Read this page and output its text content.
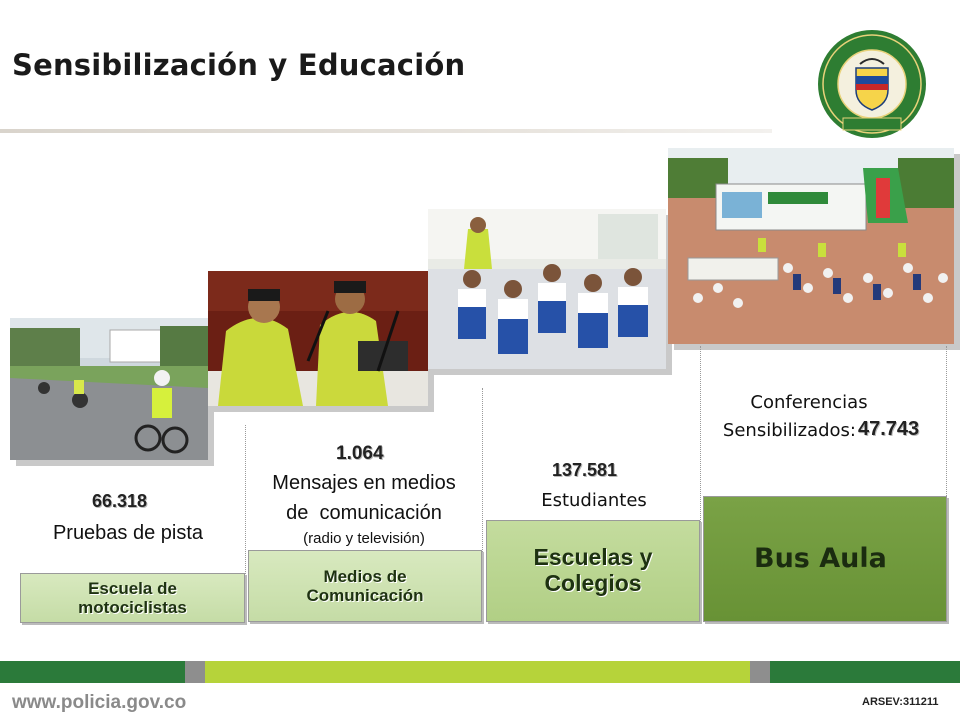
Sensibilización y Educación
66.318
Pruebas de pista
Escuela de motociclistas
1.064
Mensajes en medios
de  comunicación
(radio y televisión)
Medios de Comunicación
137.581
Estudiantes
Escuelas y Colegios
Conferencias
Sensibilizados: 47.743
Bus Aula
www.policia.gov.co	ARSEV:311211
